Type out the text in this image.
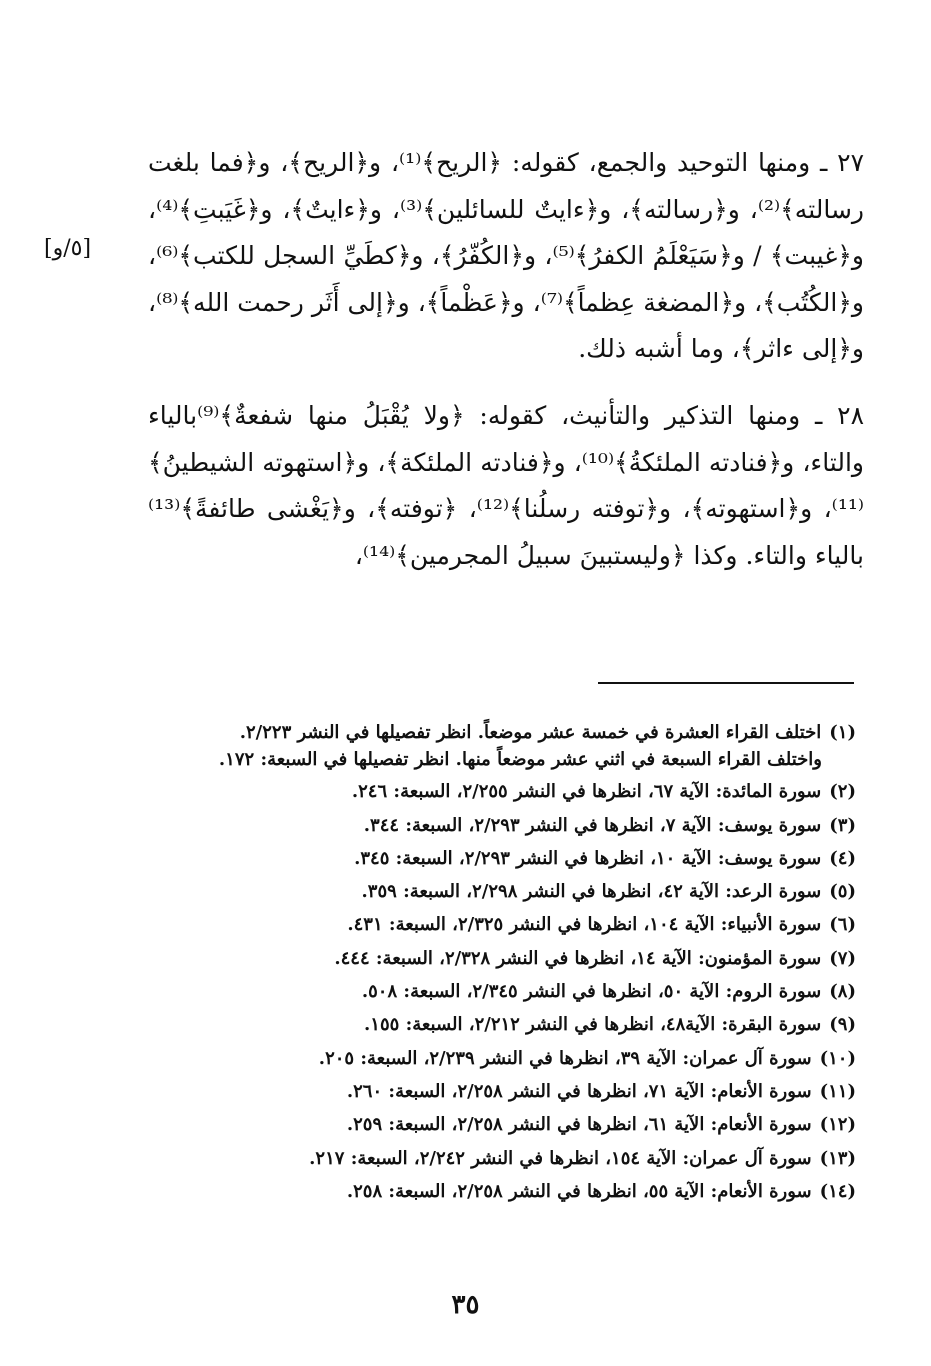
٢٧ ـ ومنها التوحيد والجمع، كقوله: ﴿الريح﴾⁽¹⁾، و﴿الريح﴾، و﴿فما بلغت رسالته﴾⁽²⁾، و﴿رسالته﴾، و﴿ءايتٌ للسائلين﴾⁽³⁾، و﴿ءايتٌ﴾، و﴿غَيَبتِ﴾⁽⁴⁾، و﴿غيبت﴾ / و﴿سَيَعْلَمُ الكفرُ﴾⁽⁵⁾، و﴿الكُفّرُ﴾، و﴿كطَيِّ السجل للكتب﴾⁽⁶⁾، و﴿الكُتُب﴾، و﴿المضغة عِظماً﴾⁽⁷⁾، و﴿عَظْماً﴾، و﴿إلى أَثَر رحمت الله﴾⁽⁸⁾، و﴿إلى ءاثر﴾، وما أشبه ذلك.

٢٨ ـ ومنها التذكير والتأنيث، كقوله: ﴿ولا يُقْبَلُ منها شفعةٌ﴾⁽⁹⁾بالياء والتاء، و﴿فنادته الملئكةُ﴾⁽¹⁰⁾، و﴿فنادته الملئكة﴾، و﴿استهوته الشيطينُ﴾⁽¹¹⁾، و﴿استهوته﴾، و﴿توفته رسلُنا﴾⁽¹²⁾، ﴿توفته﴾، و﴿يَغْشى طائفةً﴾⁽¹³⁾ بالياء والتاء. وكذا ﴿وليستبينَ سبيلُ المجرمين﴾⁽¹⁴⁾،

[٥/و]

(١)اختلف القراء العشرة في خمسة عشر موضعاً. انظر تفصيلها في النشر ٢/٢٢٣.

واختلف القراء السبعة في اثني عشر موضعاً منها. انظر تفصيلها في السبعة: ١٧٢.

(٢)سورة المائدة: الآية ٦٧، انظرها في النشر ٢/٢٥٥، السبعة: ٢٤٦.

(٣)سورة يوسف: الآية ٧، انظرها في النشر ٢/٢٩٣، السبعة: ٣٤٤.

(٤)سورة يوسف: الآية ١٠، انظرها في النشر ٢/٢٩٣، السبعة: ٣٤٥.

(٥)سورة الرعد: الآية ٤٢، انظرها في النشر ٢/٢٩٨، السبعة: ٣٥٩.

(٦)سورة الأنبياء: الآية ١٠٤، انظرها في النشر ٢/٣٢٥، السبعة: ٤٣١.

(٧)سورة المؤمنون: الآية ١٤، انظرها في النشر ٢/٣٢٨، السبعة: ٤٤٤.

(٨)سورة الروم: الآية ٥٠، انظرها في النشر ٢/٣٤٥، السبعة: ٥٠٨.

(٩)سورة البقرة: الآية٤٨، انظرها في النشر ٢/٢١٢، السبعة: ١٥٥.

(١٠)سورة آل عمران: الآية ٣٩، انظرها في النشر ٢/٢٣٩، السبعة: ٢٠٥.

(١١)سورة الأنعام: الآية ٧١، انظرها في النشر ٢/٢٥٨، السبعة: ٢٦٠.

(١٢)سورة الأنعام: الآية ٦١، انظرها في النشر ٢/٢٥٨، السبعة: ٢٥٩.

(١٣)سورة آل عمران: الآية ١٥٤، انظرها في النشر ٢/٢٤٢، السبعة: ٢١٧.

(١٤)سورة الأنعام: الآية ٥٥، انظرها في النشر ٢/٢٥٨، السبعة: ٢٥٨.

٣٥
